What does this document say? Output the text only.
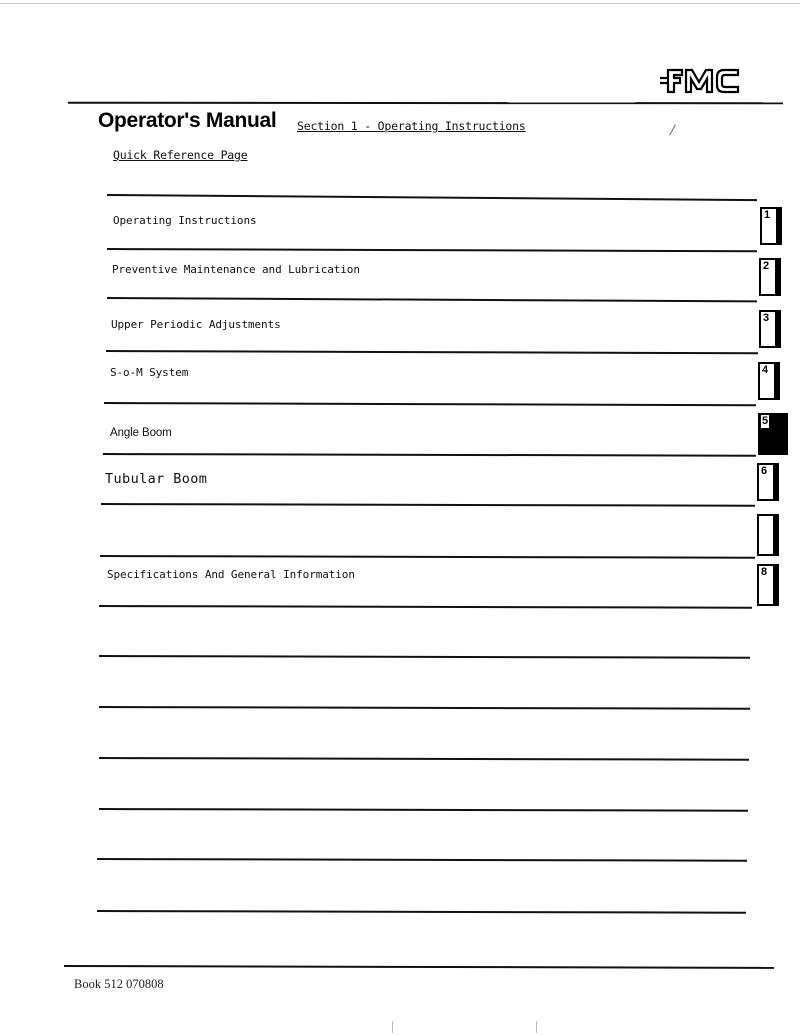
Operator's Manual Section 1 - Operating Instructions
Quick Reference Page
Operating Instructions
Preventive Maintenance and Lubrication
Upper Periodic Adjustments
S-o-M System
Angle Boom
Tubular Boom
Specifications And General Information
1
2
3
4
5
6
8
Book 512 070808
